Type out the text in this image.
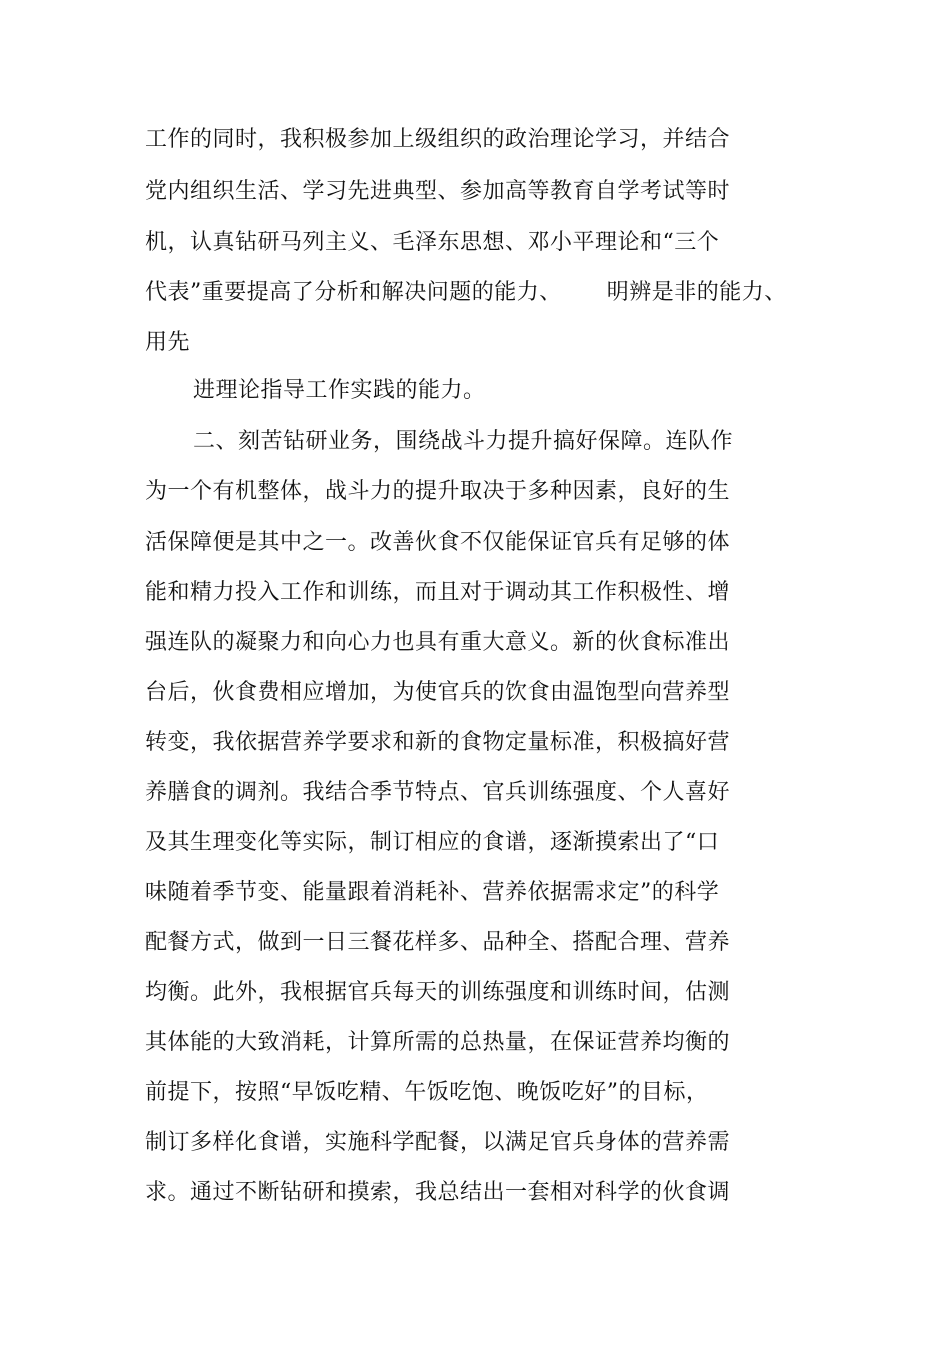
工作的同时，我积极参加上级组织的政治理论学习，并结合
党内组织生活、学习先进典型、参加高等教育自学考试等时
机，认真钻研马列主义、毛泽东思想、邓小平理论和“三个
代表”重要提高了分析和解决问题的能力、      明辨是非的能力、
用先
进理论指导工作实践的能力。
二、刻苦钻研业务，围绕战斗力提升搞好保障。连队作
为一个有机整体，战斗力的提升取决于多种因素，良好的生
活保障便是其中之一。改善伙食不仅能保证官兵有足够的体
能和精力投入工作和训练，而且对于调动其工作积极性、增
强连队的凝聚力和向心力也具有重大意义。新的伙食标准出
台后，伙食费相应增加，为使官兵的饮食由温饱型向营养型
转变，我依据营养学要求和新的食物定量标准，积极搞好营
养膳食的调剂。我结合季节特点、官兵训练强度、个人喜好
及其生理变化等实际，制订相应的食谱，逐渐摸索出了“口
味随着季节变、能量跟着消耗补、营养依据需求定”的科学
配餐方式，做到一日三餐花样多、品种全、搭配合理、营养
均衡。此外，我根据官兵每天的训练强度和训练时间，估测
其体能的大致消耗，计算所需的总热量，在保证营养均衡的
前提下，按照“早饭吃精、午饭吃饱、晚饭吃好”的目标，
制订多样化食谱，实施科学配餐，以满足官兵身体的营养需
求。通过不断钻研和摸索，我总结出一套相对科学的伙食调
